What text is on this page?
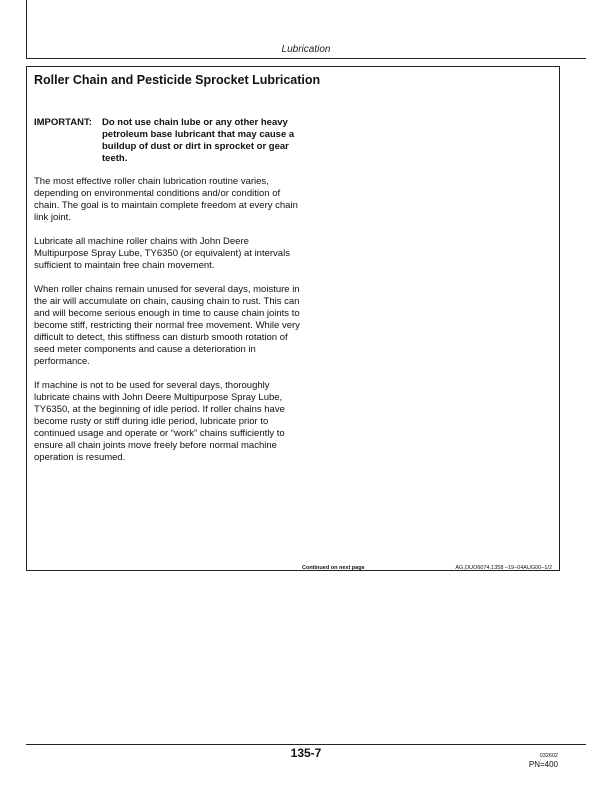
Lubrication
Roller Chain and Pesticide Sprocket Lubrication
IMPORTANT: Do not use chain lube or any other heavy petroleum base lubricant that may cause a buildup of dust or dirt in sprocket or gear teeth.
The most effective roller chain lubrication routine varies, depending on environmental conditions and/or condition of chain. The goal is to maintain complete freedom at every chain link joint.
Lubricate all machine roller chains with John Deere Multipurpose Spray Lube, TY6350 (or equivalent) at intervals sufficient to maintain free chain movement.
When roller chains remain unused for several days, moisture in the air will accumulate on chain, causing chain to rust. This can and will become serious enough in time to cause chain joints to become stiff, restricting their normal free movement. While very difficult to detect, this stiffness can disturb smooth rotation of seed meter components and cause a deterioration in performance.
If machine is not to be used for several days, thoroughly lubricate chains with John Deere Multipurpose Spray Lube, TY6350, at the beginning of idle period. If roller chains have become rusty or stiff during idle period, lubricate prior to continued usage and operate or “work” chains sufficiently to ensure all chain joints move freely before normal machine operation is resumed.
Continued on next page	AG,OUO6074,1358 –19–04AUG00–1/2
135-7	032602
PN=400
